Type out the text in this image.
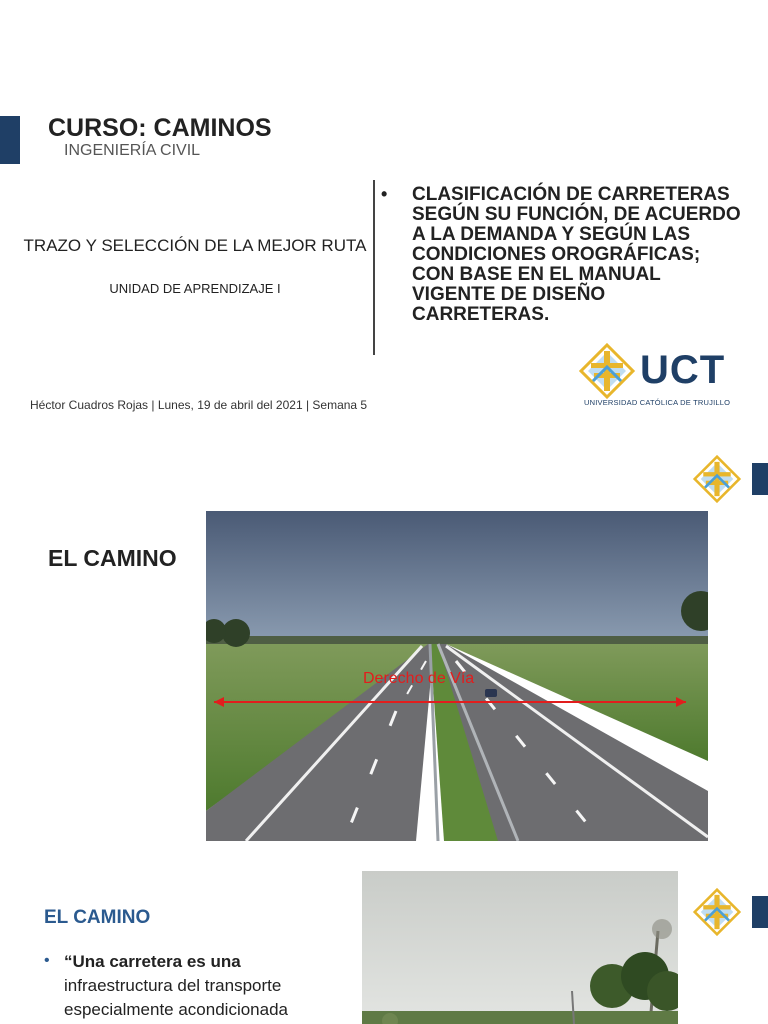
CURSO: CAMINOS
INGENIERÍA CIVIL
TRAZO Y SELECCIÓN DE LA MEJOR RUTA
UNIDAD DE APRENDIZAJE I
• CLASIFICACIÓN DE CARRETERAS SEGÚN SU FUNCIÓN, DE ACUERDO A LA DEMANDA Y SEGÚN LAS CONDICIONES OROGRÁFICAS; CON BASE EN EL MANUAL VIGENTE DE DISEÑO CARRETERAS.
Héctor Cuadros Rojas | Lunes, 19 de abril del 2021 | Semana 5
UCT
UNIVERSIDAD CATÓLICA DE TRUJILLO
EL CAMINO
Derecho de Vía
EL CAMINO
• “Una carretera es una
infraestructura del transporte especialmente acondicionada
